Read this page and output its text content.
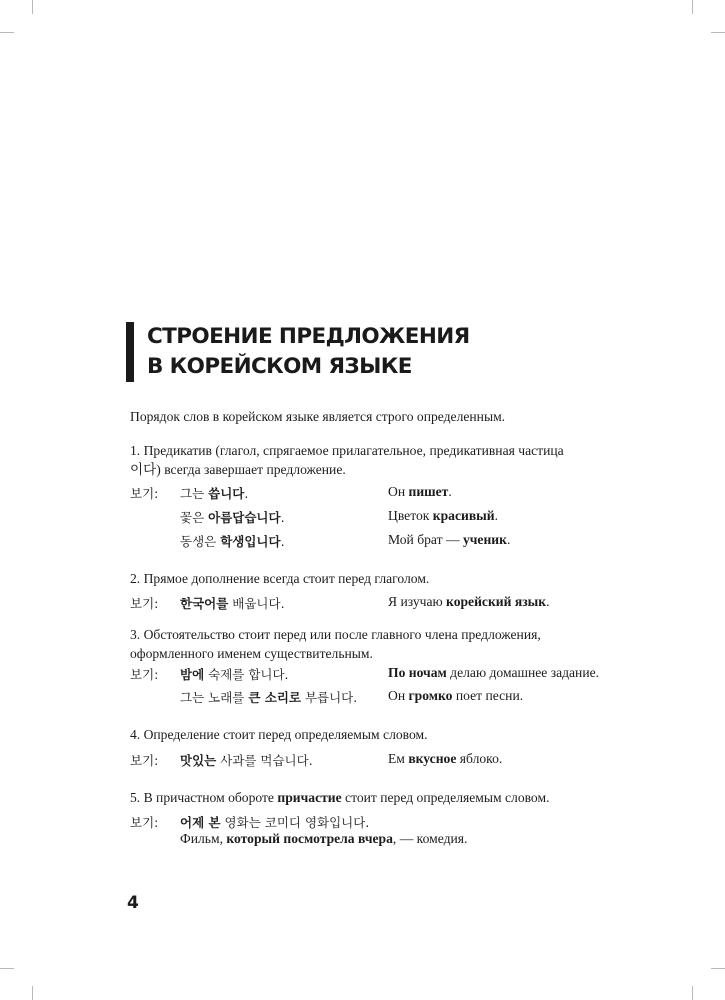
СТРОЕНИЕ ПРЕДЛОЖЕНИЯ
В КОРЕЙСКОМ ЯЗЫКЕ
Порядок слов в корейском языке является строго определенным.
1. Предикатив (глагол, спрягаемое прилагательное, предикативная частица
이다) всегда завершает предложение.
보기: 그는 씁니다.	Он пишет.
꽃은 아름답습니다.	Цветок красивый.
동생은 학생입니다.	Мой брат — ученик.
2. Прямое дополнение всегда стоит перед глаголом.
보기: 한국어를 배웁니다.	Я изучаю корейский язык.
3. Обстоятельство стоит перед или после главного члена предложения,
оформленного именем существительным.
보기: 밤에 숙제를 합니다.	По ночам делаю домашнее задание.
그는 노래를 큰 소리로 부릅니다. Он громко поет песни.
4. Определение стоит перед определяемым словом.
보기: 맛있는 사과를 먹습니다.	Ем вкусное яблоко.
5. В причастном обороте причастие стоит перед определяемым словом.
보기: 어제 본 영화는 코미디 영화입니다.
Фильм, который посмотрела вчера, — комедия.
4
